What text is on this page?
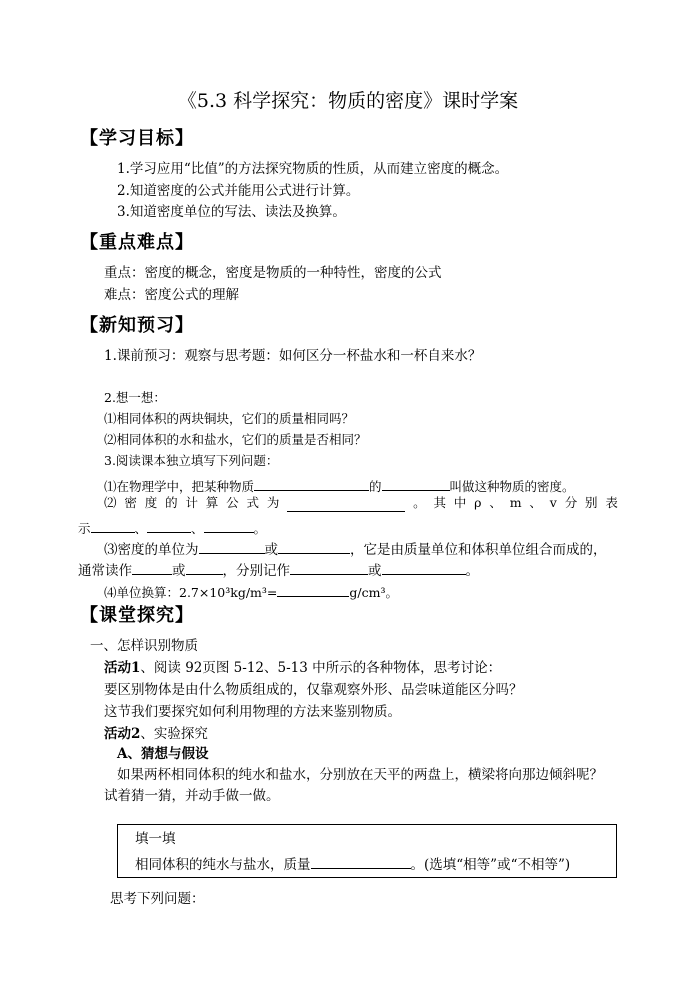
《5.3 科学探究：物质的密度》课时学案
【学习目标】
1.学习应用“比值”的方法探究物质的性质，从而建立密度的概念。
2.知道密度的公式并能用公式进行计算。
3.知道密度单位的写法、读法及换算。
【重点难点】
重点：密度的概念，密度是物质的一种特性，密度的公式
难点：密度公式的理解
【新知预习】
1.课前预习：观察与思考题：如何区分一杯盐水和一杯自来水？
2.想一想：
⑴相同体积的两块铜块，它们的质量相同吗？
⑵相同体积的水和盐水，它们的质量是否相同？
3.阅读课本独立填写下列问题：
⑴在物理学中，把某种物质	的	叫做这种物质的密度。
⑵ 密 度 的 计 算 公 式 为	。 其 中 ρ 、 m 、 v 分 别 表
示	、	、	。
⑶密度的单位为	或	，它是由质量单位和体积单位组合而成的，
通常读作	或	，分别记作	或	。
⑷单位换算：2.7×10³kg/m³=	g/cm³。
【课堂探究】
一、怎样识别物质
活动1、阅读 92页图 5-12、5-13 中所示的各种物体，思考讨论：
要区别物体是由什么物质组成的，仅靠观察外形、品尝味道能区分吗？
这节我们要探究如何利用物理的方法来鉴别物质。
活动2、实验探究
A、猜想与假设
如果两杯相同体积的纯水和盐水，分别放在天平的两盘上，横梁将向那边倾斜呢？
试着猜一猜，并动手做一做。
填一填
相同体积的纯水与盐水，质量	。(选填“相等”或“不相等”)
思考下列问题：
